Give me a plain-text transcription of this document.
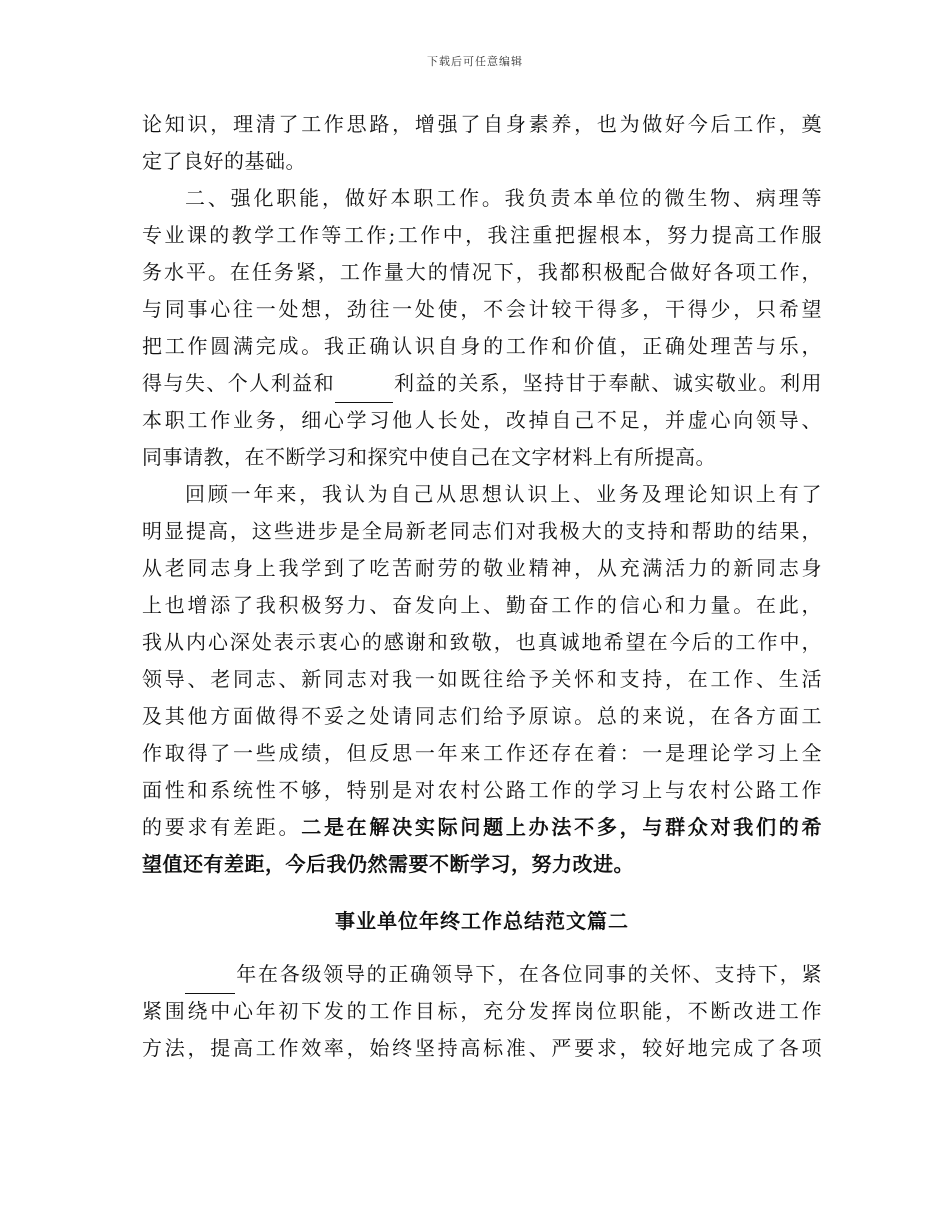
下载后可任意编辑
论知识，理清了工作思路，增强了自身素养，也为做好今后工作，奠
定了良好的基础。
二、强化职能，做好本职工作。我负责本单位的微生物、病理等
专业课的教学工作等工作;工作中，我注重把握根本，努力提高工作服
务水平。在任务紧，工作量大的情况下，我都积极配合做好各项工作，
与同事心往一处想，劲往一处使，不会计较干得多，干得少，只希望
把工作圆满完成。我正确认识自身的工作和价值，正确处理苦与乐，
得与失、个人利益和	利益的关系，坚持甘于奉献、诚实敬业。利用
本职工作业务，细心学习他人长处，改掉自己不足，并虚心向领导、
同事请教，在不断学习和探究中使自己在文字材料上有所提高。
回顾一年来，我认为自己从思想认识上、业务及理论知识上有了
明显提高，这些进步是全局新老同志们对我极大的支持和帮助的结果，
从老同志身上我学到了吃苦耐劳的敬业精神，从充满活力的新同志身
上也增添了我积极努力、奋发向上、勤奋工作的信心和力量。在此，
我从内心深处表示衷心的感谢和致敬，也真诚地希望在今后的工作中，
领导、老同志、新同志对我一如既往给予关怀和支持，在工作、生活
及其他方面做得不妥之处请同志们给予原谅。总的来说，在各方面工
作取得了一些成绩，但反思一年来工作还存在着：一是理论学习上全
面性和系统性不够，特别是对农村公路工作的学习上与农村公路工作
的要求有差距。二是在解决实际问题上办法不多，与群众对我们的希
望值还有差距，今后我仍然需要不断学习，努力改进。
事业单位年终工作总结范文篇二
年在各级领导的正确领导下，在各位同事的关怀、支持下，紧
紧围绕中心年初下发的工作目标，充分发挥岗位职能，不断改进工作
方法，提高工作效率，始终坚持高标准、严要求，较好地完成了各项
